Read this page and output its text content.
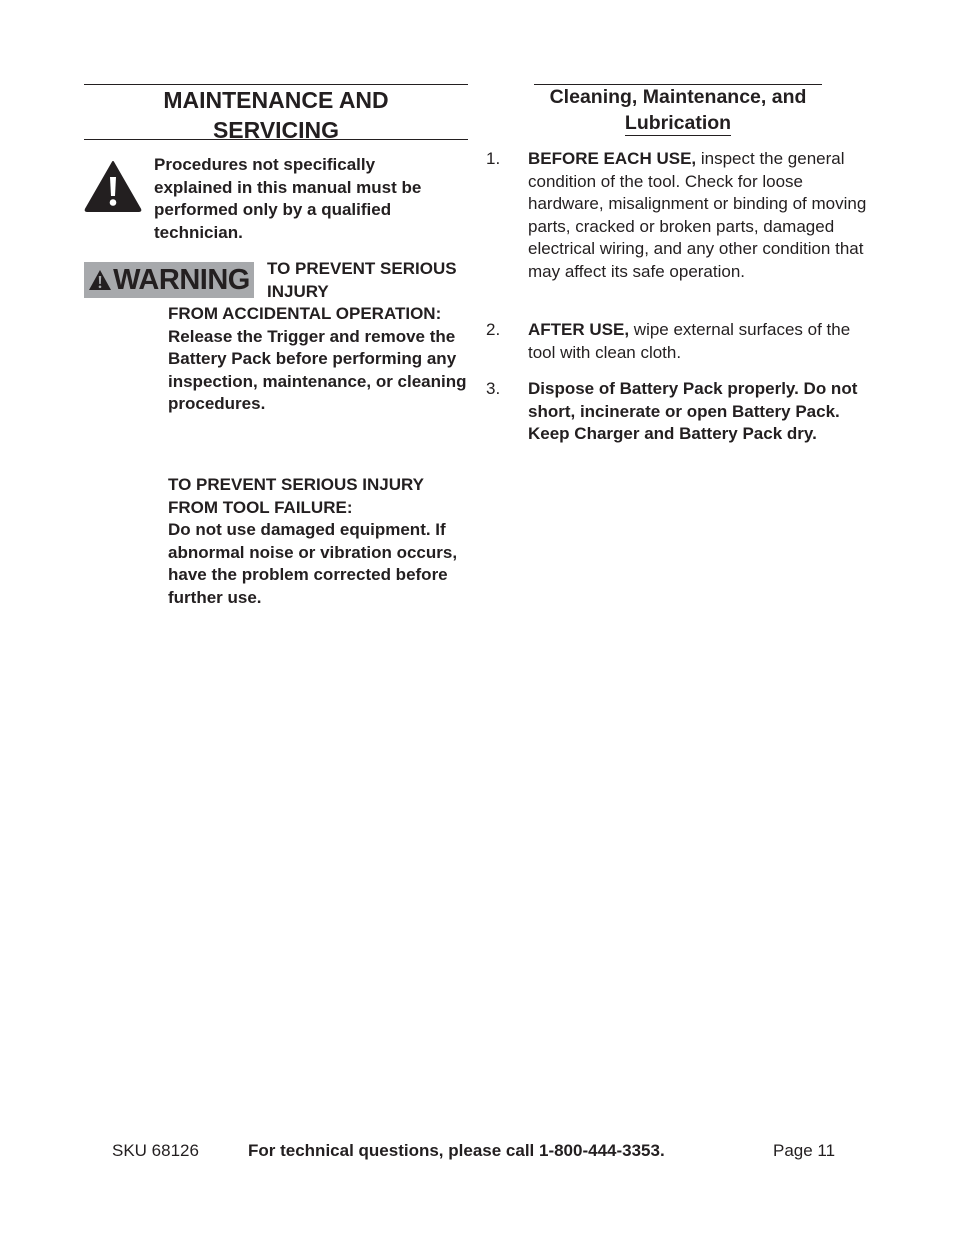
MAINTENANCE AND
SERVICING
Procedures not specifically explained in this manual must be performed only by a qualified technician.
WARNING TO PREVENT SERIOUS INJURY

FROM ACCIDENTAL OPERATION:

Release the Trigger and remove the Battery Pack before performing any inspection, maintenance, or cleaning procedures.

TO PREVENT SERIOUS INJURY FROM TOOL FAILURE:

Do not use damaged equipment. If abnormal noise or vibration occurs, have the problem corrected before further use.

Cleaning, Maintenance, and
Lubrication
1. BEFORE EACH USE, inspect the general condition of the tool. Check for loose hardware, misalignment or binding of moving parts, cracked or broken parts, damaged electrical wiring, and any other condition that may affect its safe operation.
2. AFTER USE, wipe external surfaces of the tool with clean cloth.
3. Dispose of Battery Pack properly. Do not short, incinerate or open Battery Pack. Keep Charger and Battery Pack dry.
SKU 68126	For technical questions, please call 1-800-444-3353.	Page 11
